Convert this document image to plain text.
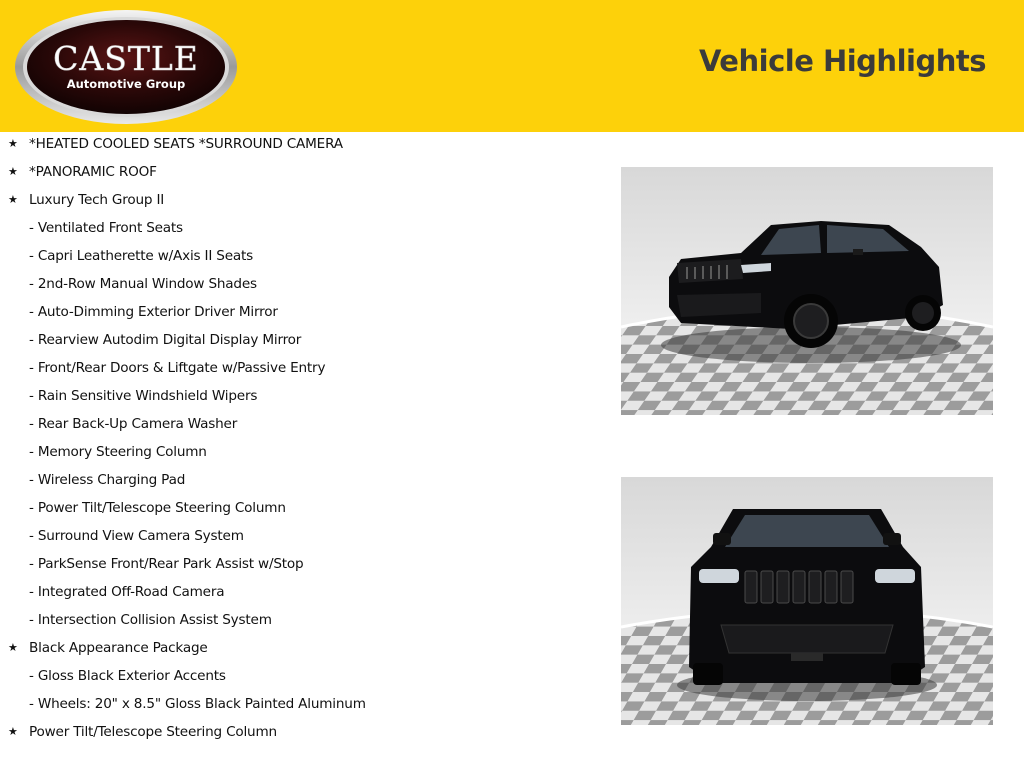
CASTLE
Automotive Group
Vehicle Highlights
★ *HEATED COOLED SEATS *SURROUND CAMERA
★ *PANORAMIC ROOF
★ Luxury Tech Group II
- Ventilated Front Seats
- Capri Leatherette w/Axis II Seats
- 2nd-Row Manual Window Shades
- Auto-Dimming Exterior Driver Mirror
- Rearview Autodim Digital Display Mirror
- Front/Rear Doors & Liftgate w/Passive Entry
- Rain Sensitive Windshield Wipers
- Rear Back-Up Camera Washer
- Memory Steering Column
- Wireless Charging Pad
- Power Tilt/Telescope Steering Column
- Surround View Camera System
- ParkSense Front/Rear Park Assist w/Stop
- Integrated Off-Road Camera
- Intersection Collision Assist System
★ Black Appearance Package
- Gloss Black Exterior Accents
- Wheels: 20" x 8.5" Gloss Black Painted Aluminum
★ Power Tilt/Telescope Steering Column
